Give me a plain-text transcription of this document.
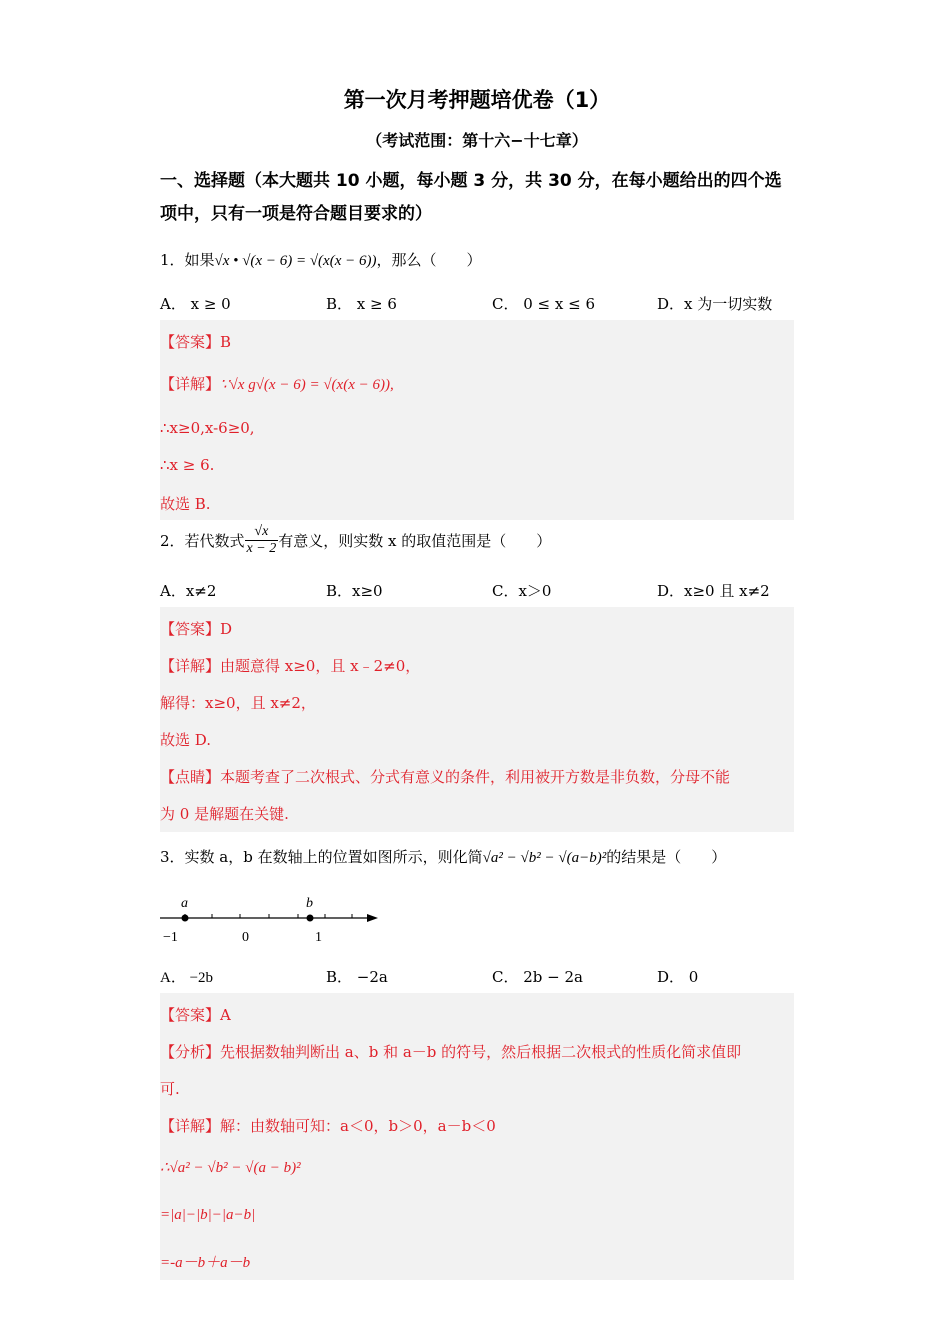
第一次月考押题培优卷（1）
（考试范围：第十六−十七章）
一、选择题（本大题共 10 小题，每小题 3 分，共 30 分，在每小题给出的四个选项中，只有一项是符合题目要求的）
1．如果√x • √(x − 6) = √(x(x − 6))，那么（　　）
A． x ≥ 0	B． x ≥ 6	C． 0 ≤ x ≤ 6	D．x 为一切实数
【答案】B
【详解】∵√x g√(x − 6) = √(x(x − 6)),
∴x≥0,x-6≥0,
∴x ≥ 6.
故选 B.
2．若代数式 $\frac{√x}{x - 2}$ 有意义，则实数 x 的取值范围是（　　）
A．x≠2	B．x≥0	C．x＞0	D．x≥0 且 x≠2
【答案】D
【详解】由题意得 x≥0，且 x﹣2≠0，
解得：x≥0，且 x≠2，
故选 D.
【点睛】本题考查了二次根式、分式有意义的条件，利用被开方数是非负数，分母不能
为 0 是解题在关键.
3．实数 a，b 在数轴上的位置如图所示，则化简√a² − √b² − √(a−b)²的结果是（　　）
a	b
−1	0	1
A． −2b	B． −2a	C． 2b − 2a	D． 0
【答案】A
【分析】先根据数轴判断出 a、b 和 a－b 的符号，然后根据二次根式的性质化简求值即
可.
【详解】解：由数轴可知：a＜0，b＞0，a－b＜0
∴√a² − √b² − √(a − b)²
=|a|−|b|−|a−b|
=-a－b＋a－b
